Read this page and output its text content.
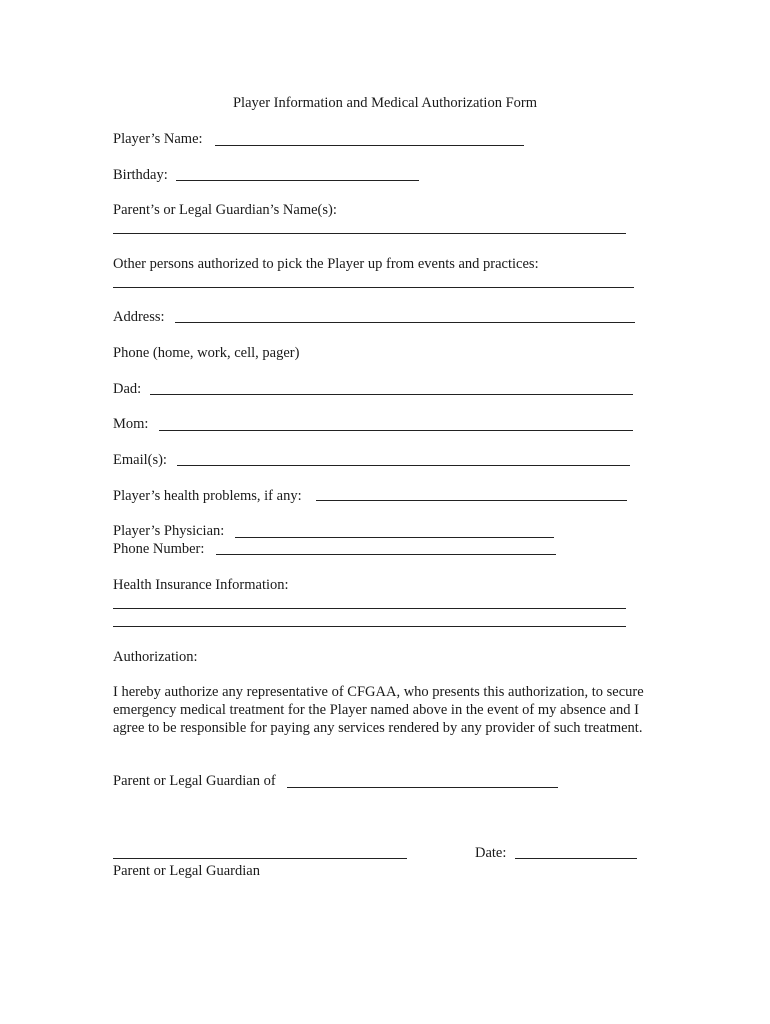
Player Information and Medical Authorization Form
Player’s Name:
Birthday:
Parent’s or Legal Guardian’s Name(s):
Other persons authorized to pick the Player up from events and practices:
Address:
Phone (home, work, cell, pager)
Dad:
Mom:
Email(s):
Player’s health problems, if any:
Player’s Physician:
Phone Number:
Health Insurance Information:
Authorization:
I hereby authorize any representative of CFGAA, who presents this authorization, to secure emergency medical treatment for the Player named above in the event of my absence and I agree to be responsible for paying any services rendered by any provider of such treatment.
Parent or Legal Guardian of
Date:
Parent or Legal Guardian
